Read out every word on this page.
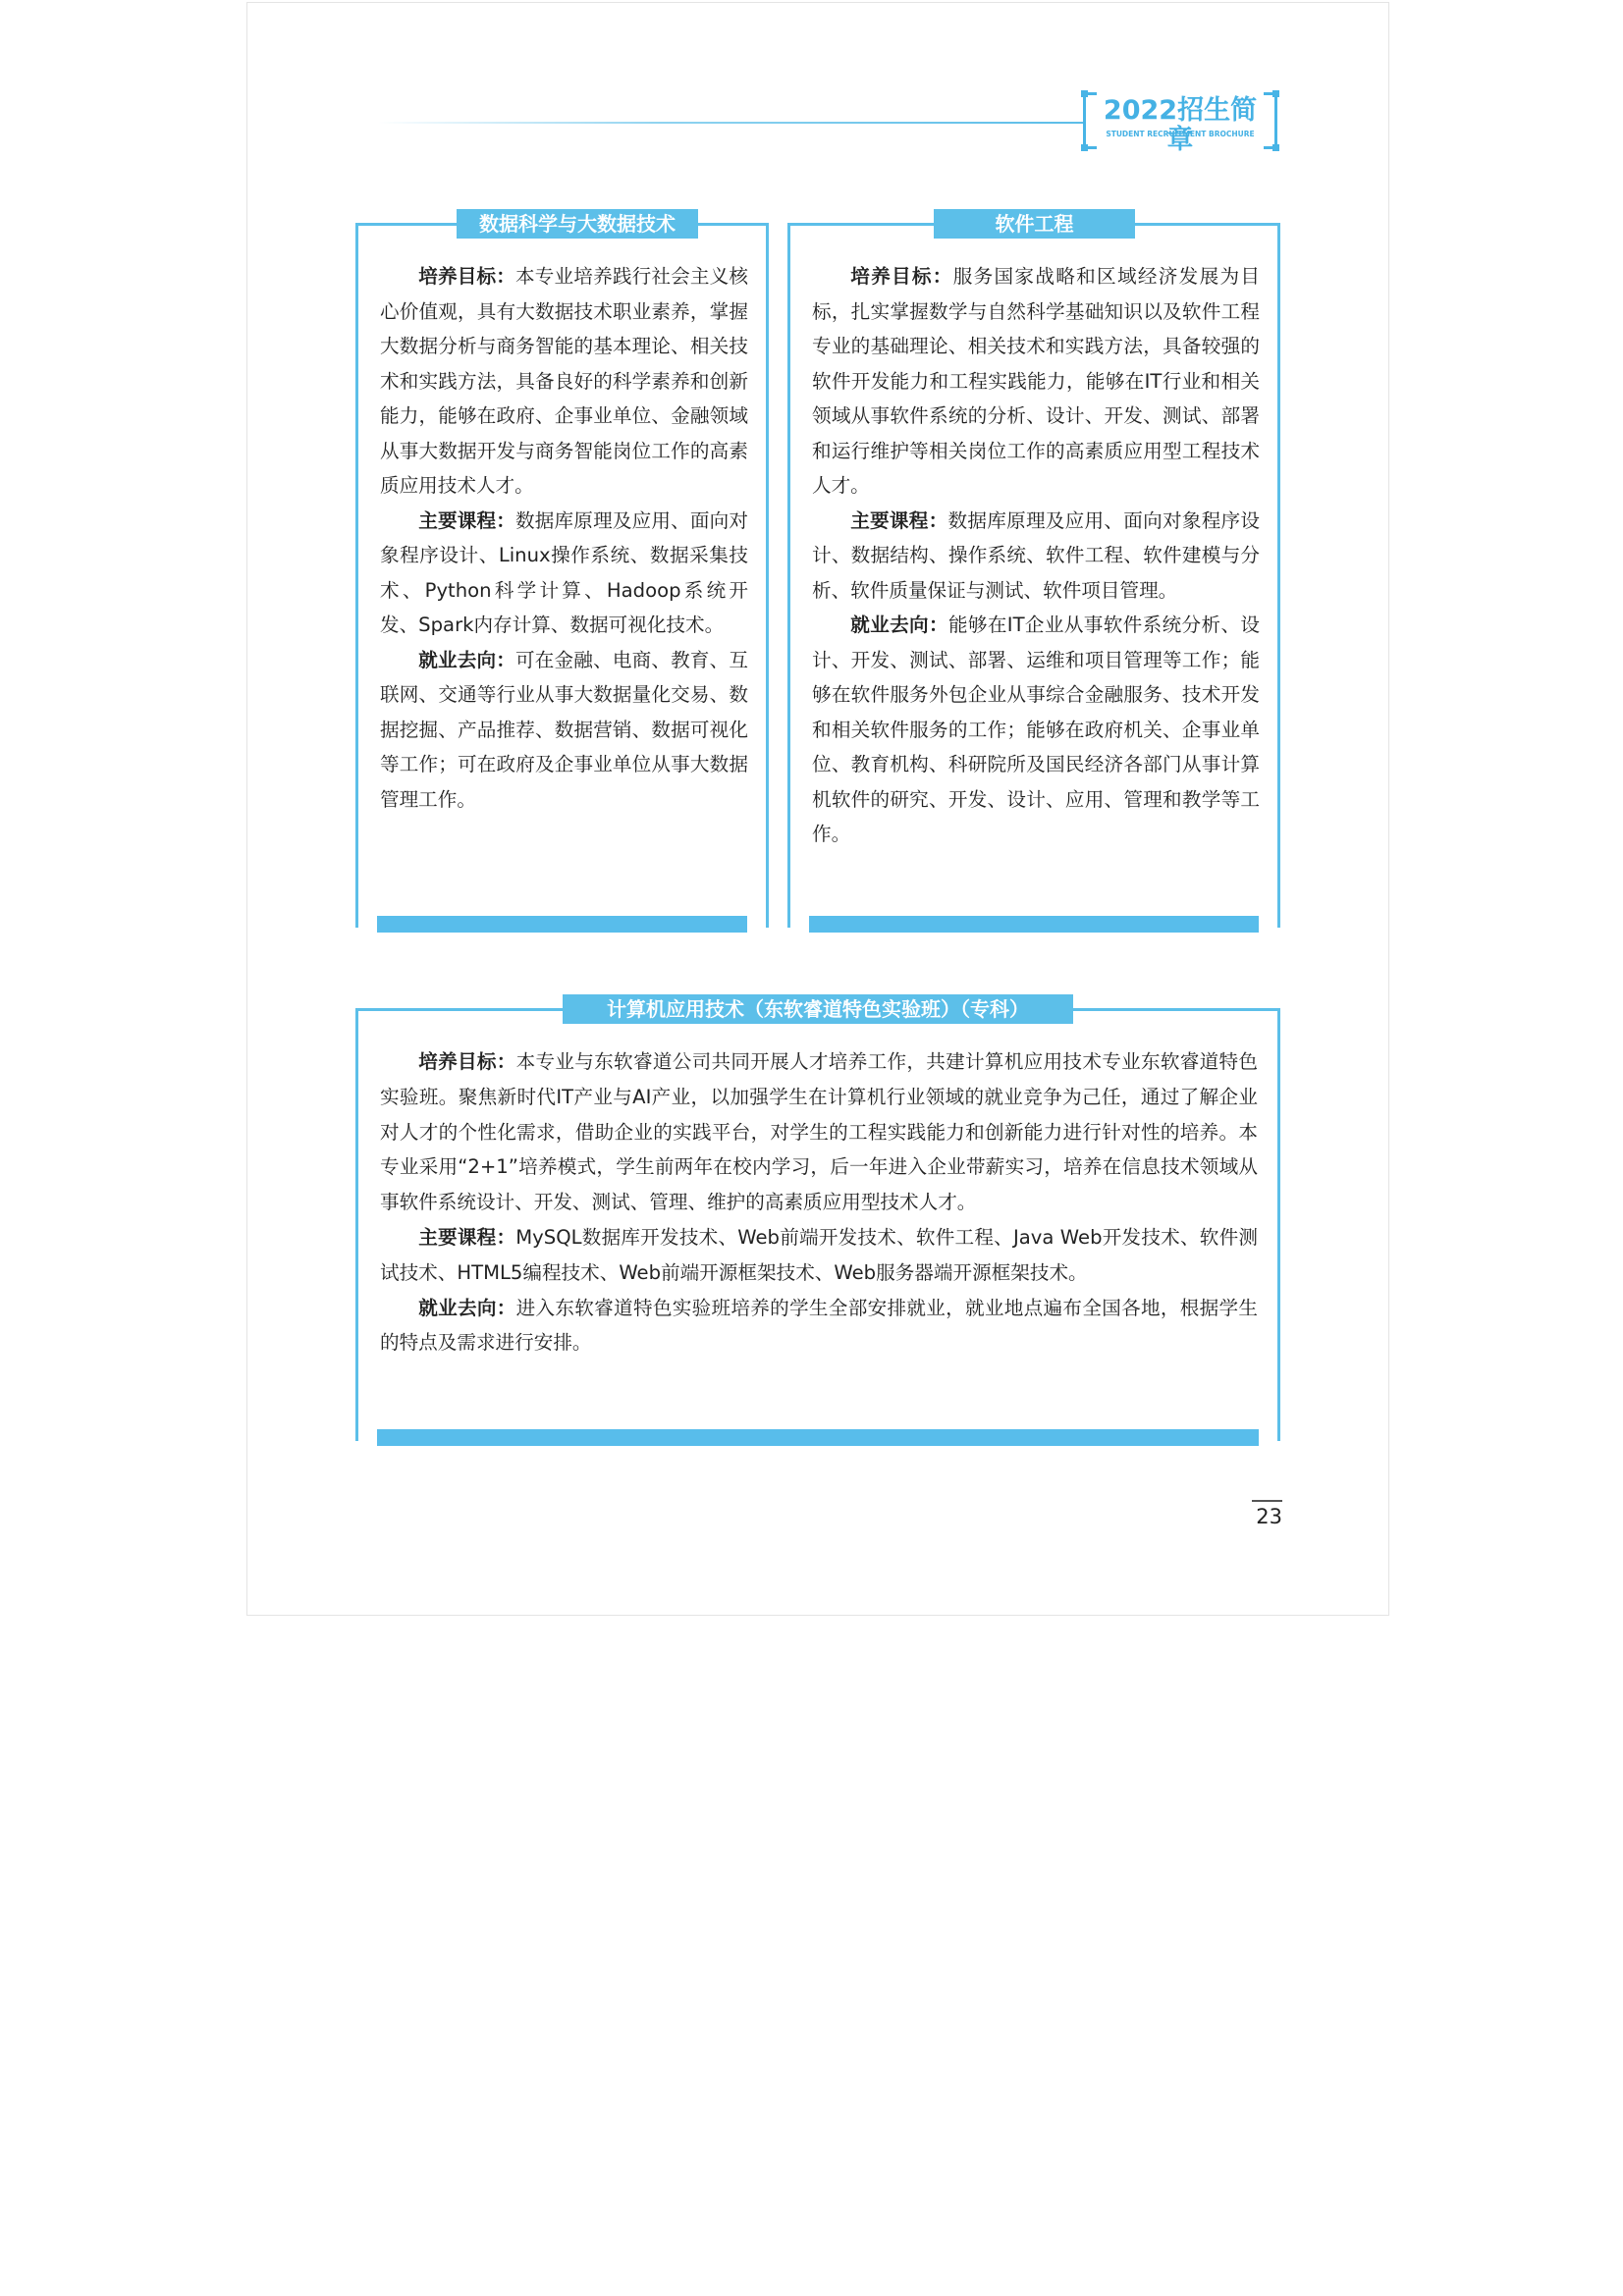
2022招生简章
STUDENT RECRUITMENT BROCHURE
数据科学与大数据技术

培养目标：本专业培养践行社会主义核心价值观，具有大数据技术职业素养，掌握大数据分析与商务智能的基本理论、相关技术和实践方法，具备良好的科学素养和创新能力，能够在政府、企事业单位、金融领域从事大数据开发与商务智能岗位工作的高素质应用技术人才。

主要课程：数据库原理及应用、面向对象程序设计、Linux操作系统、数据采集技术、Python科学计算、Hadoop系统开发、Spark内存计算、数据可视化技术。

就业去向：可在金融、电商、教育、互联网、交通等行业从事大数据量化交易、数据挖掘、产品推荐、数据营销、数据可视化等工作；可在政府及企事业单位从事大数据管理工作。

软件工程

培养目标：服务国家战略和区域经济发展为目标，扎实掌握数学与自然科学基础知识以及软件工程专业的基础理论、相关技术和实践方法，具备较强的软件开发能力和工程实践能力，能够在IT行业和相关领域从事软件系统的分析、设计、开发、测试、部署和运行维护等相关岗位工作的高素质应用型工程技术人才。

主要课程：数据库原理及应用、面向对象程序设计、数据结构、操作系统、软件工程、软件建模与分析、软件质量保证与测试、软件项目管理。

就业去向：能够在IT企业从事软件系统分析、设计、开发、测试、部署、运维和项目管理等工作；能够在软件服务外包企业从事综合金融服务、技术开发和相关软件服务的工作；能够在政府机关、企事业单位、教育机构、科研院所及国民经济各部门从事计算机软件的研究、开发、设计、应用、管理和教学等工作。

计算机应用技术（东软睿道特色实验班）（专科）

培养目标：本专业与东软睿道公司共同开展人才培养工作，共建计算机应用技术专业东软睿道特色实验班。聚焦新时代IT产业与AI产业，以加强学生在计算机行业领域的就业竞争为己任，通过了解企业对人才的个性化需求，借助企业的实践平台，对学生的工程实践能力和创新能力进行针对性的培养。本专业采用“2+1”培养模式，学生前两年在校内学习，后一年进入企业带薪实习，培养在信息技术领域从事软件系统设计、开发、测试、管理、维护的高素质应用型技术人才。

主要课程：MySQL数据库开发技术、Web前端开发技术、软件工程、Java Web开发技术、软件测试技术、HTML5编程技术、Web前端开源框架技术、Web服务器端开源框架技术。

就业去向：进入东软睿道特色实验班培养的学生全部安排就业，就业地点遍布全国各地，根据学生的特点及需求进行安排。

23
